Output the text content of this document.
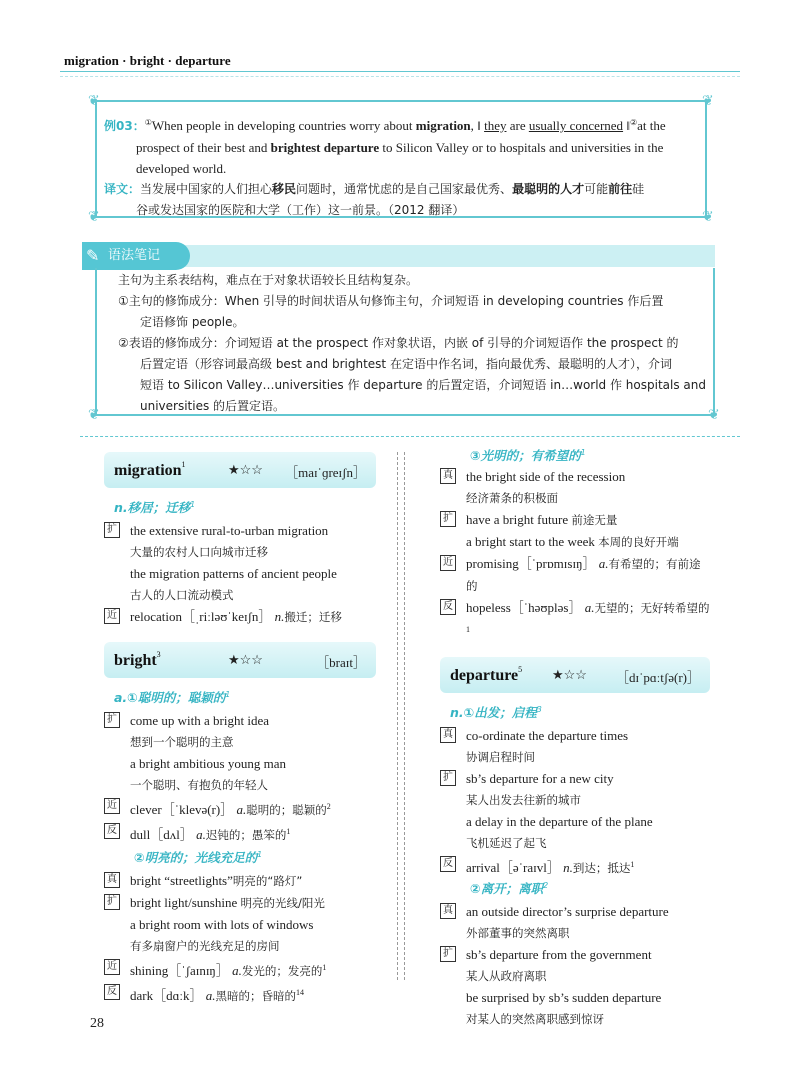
migration · bright · departure
❦	❦
❦	❦
例03：①When people in developing countries worry about migration, ‖ they are usually concerned ‖②at the
prospect of their best and brightest departure to Silicon Valley or to hospitals and universities in the
developed world.
译文：当发展中国家的人们担心移民问题时，通常忧虑的是自己国家最优秀、最聪明的人才可能前往硅
谷或发达国家的医院和大学（工作）这一前景。（2012 翻译）
语法笔记
✎
❦	❦

主句为主系表结构，难点在于对象状语较长且结构复杂。

①主句的修饰成分：When 引导的时间状语从句修饰主句，介词短语 in developing countries 作后置

定语修饰 people。

②表语的修饰成分：介词短语 at the prospect 作对象状语，内嵌 of 引导的介词短语作 the prospect 的

后置定语（形容词最高级 best and brightest 在定语中作名词，指向最优秀、最聪明的人才），介词

短语 to Silicon Valley…universities 作 departure 的后置定语，介词短语 in…world 作 hospitals and

universities 的后置定语。

migration$^1$	★☆☆ ［maɪˈɡreɪʃn］
n.移居；迁移$^1$
扩 the extensive rural-to-urban migration
大量的农村人口向城市迁移
the migration patterns of ancient people
古人的人口流动模式
近 relocation［ˌriːləʊˈkeɪʃn］ n.搬迁；迁移
bright$^3$	★☆☆	［braɪt］
a.①聪明的；聪颖的$^1$
扩 come up with a bright idea
想到一个聪明的主意
a bright ambitious young man
一个聪明、有抱负的年轻人
近 clever［ˈklevə(r)］ a.聪明的；聪颖的$^2$
反 dull［dʌl］ a.迟钝的；愚笨的$^1$
②明亮的；光线充足的$^1$
真 bright “streetlights”明亮的“路灯”
扩 bright light/sunshine 明亮的光线/阳光
a bright room with lots of windows
有多扇窗户的光线充足的房间
近 shining［ˈʃaɪnɪŋ］ a.发光的；发亮的$^1$
反 dark［dɑːk］ a.黑暗的；昏暗的$^{14}$
③光明的；有希望的$^1$
真 the bright side of the recession
经济萧条的积极面
扩 have a bright future 前途无量
a bright start to the week 本周的良好开端
近 promising［ˈprɒmɪsɪŋ］ a.有希望的；有前途的
反 hopeless［ˈhəʊpləs］ a.无望的；无好转希望的$^1$
departure$^5$ ★☆☆ ［dɪˈpɑːtʃə(r)］
n.①出发；启程$^3$
真 co-ordinate the departure times
协调启程时间
扩 sb’s departure for a new city
某人出发去往新的城市
a delay in the departure of the plane
飞机延迟了起飞
反 arrival［əˈraɪvl］ n.到达；抵达$^1$
②离开；离职$^2$
真 an outside director’s surprise departure
外部董事的突然离职
扩 sb’s departure from the government
某人从政府离职
be surprised by sb’s sudden departure
对某人的突然离职感到惊讶
28
